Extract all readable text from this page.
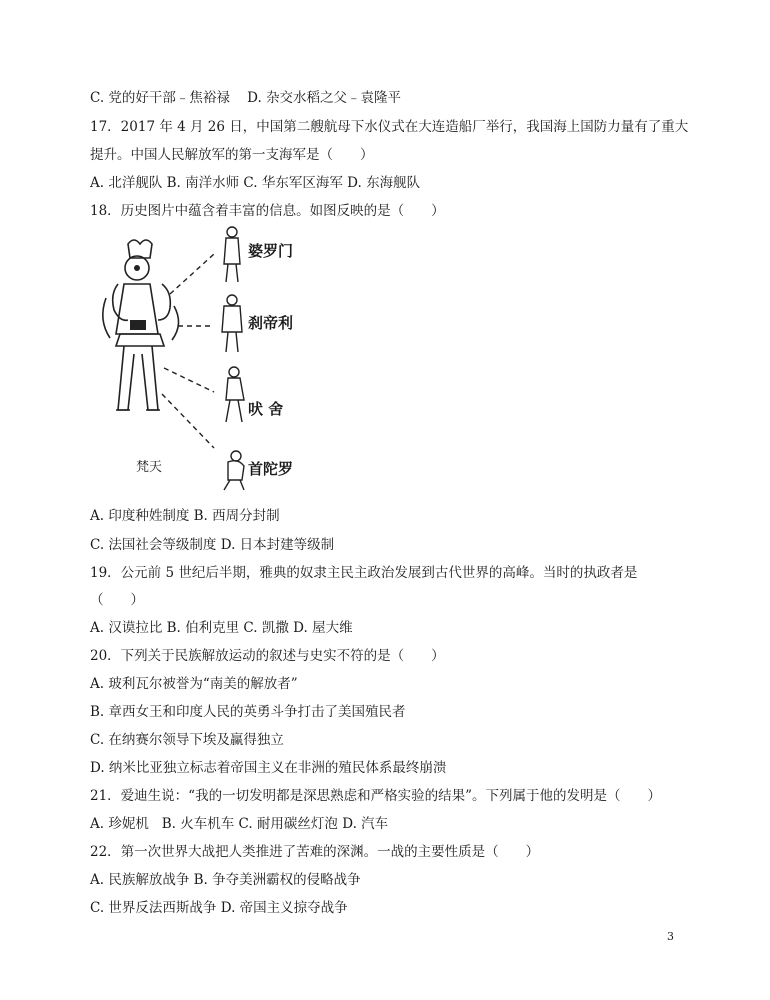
C. 党的好干部﹣焦裕禄    D. 杂交水稻之父﹣袁隆平
17．2017 年 4 月 26 日，中国第二艘航母下水仪式在大连造船厂举行，我国海上国防力量有了重大
提升。中国人民解放军的第一支海军是（　　）
A. 北洋舰队 B. 南洋水师 C. 华东军区海军 D. 东海舰队
18．历史图片中蕴含着丰富的信息。如图反映的是（　　）
婆罗门
刹帝利
吠 舍
首陀罗
梵天
A. 印度种姓制度 B. 西周分封制
C. 法国社会等级制度 D. 日本封建等级制
19．公元前 5 世纪后半期，雅典的奴隶主民主政治发展到古代世界的高峰。当时的执政者是
（　　）
A. 汉谟拉比 B. 伯利克里 C. 凯撒 D. 屋大维
20．下列关于民族解放运动的叙述与史实不符的是（　　）
A. 玻利瓦尔被誉为“南美的解放者”
B. 章西女王和印度人民的英勇斗争打击了美国殖民者
C. 在纳赛尔领导下埃及赢得独立
D. 纳米比亚独立标志着帝国主义在非洲的殖民体系最终崩溃
21．爱迪生说：“我的一切发明都是深思熟虑和严格实验的结果”。下列属于他的发明是（　　）
A. 珍妮机   B. 火车机车 C. 耐用碳丝灯泡 D. 汽车
22．第一次世界大战把人类推进了苦难的深渊。一战的主要性质是（　　）
A. 民族解放战争 B. 争夺美洲霸权的侵略战争
C. 世界反法西斯战争 D. 帝国主义掠夺战争
3
